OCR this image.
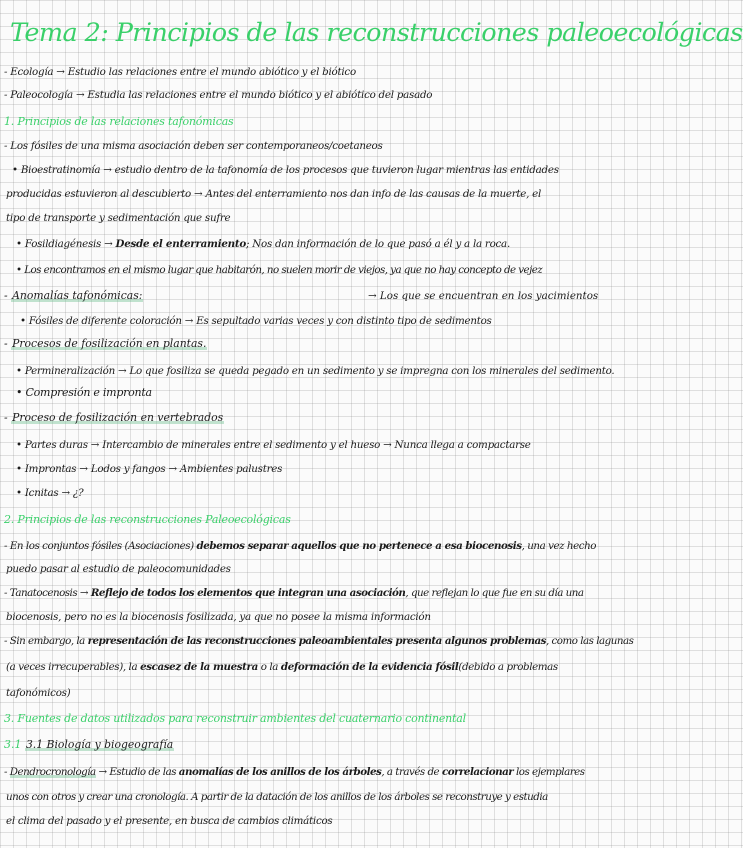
Tema 2: Principios de las reconstrucciones paleoecológicas
- Ecología → Estudio las relaciones entre el mundo abiótico y el biótico
- Paleocología → Estudia las relaciones entre el mundo biótico y el abiótico del pasado
1. Principios de las relaciones tafonómicas
- Los fósiles de una misma asociación deben ser contemporaneos/coetaneos
• Bioestratinomía → estudio dentro de la tafonomía de los procesos que tuvieron lugar mientras las entidades
producidas estuvieron al descubierto → Antes del enterramiento nos dan info de las causas de la muerte, el
tipo de transporte y sedimentación que sufre
• Fosildiagénesis → Desde el enterramiento; Nos dan información de lo que pasó a él y a la roca.
• Los encontramos en el mismo lugar que habitarón, no suelen morir de viejos, ya que no hay concepto de vejez
- Anomalías tafonómicas:	→ Los que se encuentran en los yacimientos
• Fósiles de diferente coloración → Es sepultado varias veces y con distinto tipo de sedimentos
- Procesos de fosilización en plantas.
• Permineralización → Lo que fosiliza se queda pegado en un sedimento y se impregna con los minerales del sedimento.
• Compresión e impronta
- Proceso de fosilización en vertebrados
• Partes duras → Intercambio de minerales entre el sedimento y el hueso → Nunca llega a compactarse
• Improntas → Lodos y fangos → Ambientes palustres
• Icnitas → ¿?
2. Principios de las reconstrucciones Paleoecológicas
- En los conjuntos fósiles (Asociaciones) debemos separar aquellos que no pertenece a esa biocenosis, una vez hecho
puedo pasar al estudio de paleocomunidades
- Tanatocenosis → Reflejo de todos los elementos que integran una asociación, que reflejan lo que fue en su día una
biocenosis, pero no es la biocenosis fosilizada, ya que no posee la misma información
- Sin embargo, la representación de las reconstrucciones paleoambientales presenta algunos problemas, como las lagunas
(a veces irrecuperables), la escasez de la muestra o la deformación de la evidencia fósil(debido a problemas
tafonómicos)
3. Fuentes de datos utilizados para reconstruir ambientes del cuaternario continental
3.1 3.1 Biología y biogeografía
- Dendrocronología → Estudio de las anomalías de los anillos de los árboles, a través de correlacionar los ejemplares
unos con otros y crear una cronología. A partir de la datación de los anillos de los árboles se reconstruye y estudia
el clima del pasado y el presente, en busca de cambios climáticos
